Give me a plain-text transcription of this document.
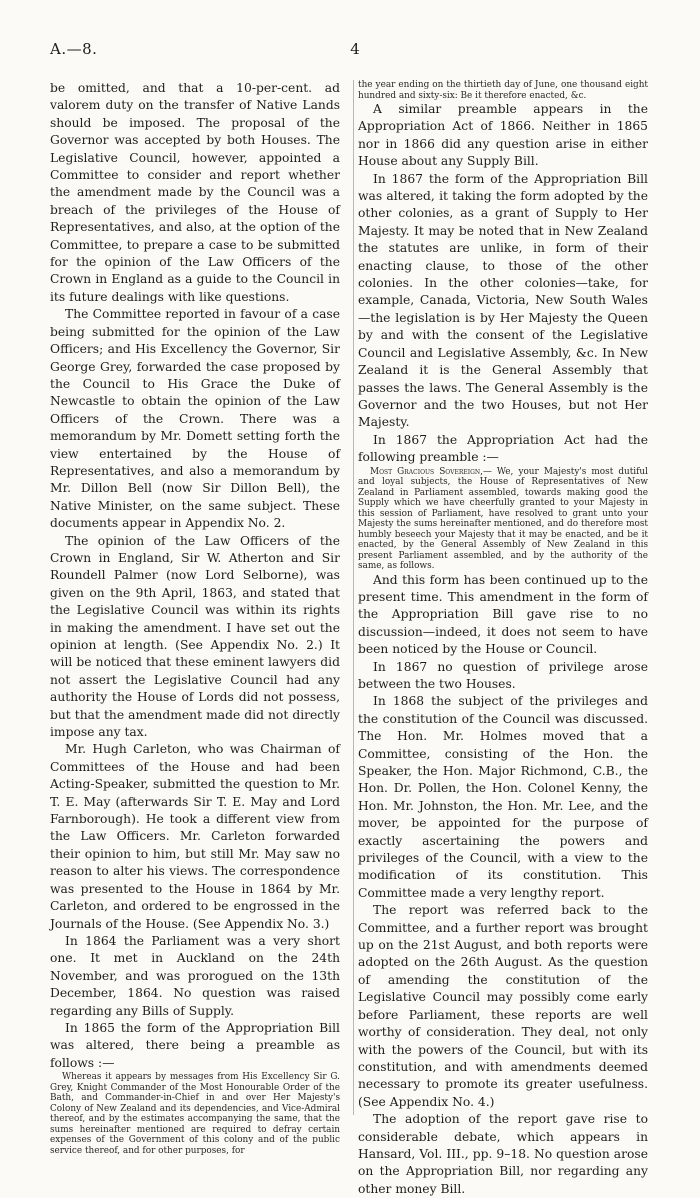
A.—8.	4

be omitted, and that a 10-per-cent. ad valorem duty on the transfer of Native Lands should be imposed. The proposal of the Governor was accepted by both Houses. The Legislative Council, however, appointed a Committee to consider and report whether the amendment made by the Council was a breach of the privileges of the House of Representatives, and also, at the option of the Committee, to prepare a case to be submitted for the opinion of the Law Officers of the Crown in England as a guide to the Council in its future dealings with like questions.

The Committee reported in favour of a case being submitted for the opinion of the Law Officers; and His Excellency the Governor, Sir George Grey, forwarded the case proposed by the Council to His Grace the Duke of Newcastle to obtain the opinion of the Law Officers of the Crown. There was a memorandum by Mr. Domett setting forth the view entertained by the House of Representatives, and also a memorandum by Mr. Dillon Bell (now Sir Dillon Bell), the Native Minister, on the same subject. These documents appear in Appendix No. 2.

The opinion of the Law Officers of the Crown in England, Sir W. Atherton and Sir Roundell Palmer (now Lord Selborne), was given on the 9th April, 1863, and stated that the Legislative Council was within its rights in making the amendment. I have set out the opinion at length. (See Appendix No. 2.) It will be noticed that these eminent lawyers did not assert the Legislative Council had any authority the House of Lords did not possess, but that the amendment made did not directly impose any tax.

Mr. Hugh Carleton, who was Chairman of Committees of the House and had been Acting-Speaker, submitted the question to Mr. T. E. May (afterwards Sir T. E. May and Lord Farnborough). He took a different view from the Law Officers. Mr. Carleton forwarded their opinion to him, but still Mr. May saw no reason to alter his views. The correspondence was presented to the House in 1864 by Mr. Carleton, and ordered to be engrossed in the Journals of the House. (See Appendix No. 3.)

In 1864 the Parliament was a very short one. It met in Auckland on the 24th November, and was prorogued on the 13th December, 1864. No question was raised regarding any Bills of Supply.

In 1865 the form of the Appropriation Bill was altered, there being a preamble as follows :—

Whereas it appears by messages from His Excellency Sir G. Grey, Knight Commander of the Most Honourable Order of the Bath, and Commander-in-Chief in and over Her Majesty's Colony of New Zealand and its dependencies, and Vice-Admiral thereof, and by the estimates accompanying the same, that the sums hereinafter mentioned are required to defray certain expenses of the Government of this colony and of the public service thereof, and for other purposes, for

the year ending on the thirtieth day of June, one thousand eight hundred and sixty-six: Be it therefore enacted, &c.

A similar preamble appears in the Appropriation Act of 1866. Neither in 1865 nor in 1866 did any question arise in either House about any Supply Bill.

In 1867 the form of the Appropriation Bill was altered, it taking the form adopted by the other colonies, as a grant of Supply to Her Majesty. It may be noted that in New Zealand the statutes are unlike, in form of their enacting clause, to those of the other colonies. In the other colonies—take, for example, Canada, Victoria, New South Wales—the legislation is by Her Majesty the Queen by and with the consent of the Legislative Council and Legislative Assembly, &c. In New Zealand it is the General Assembly that passes the laws. The General Assembly is the Governor and the two Houses, but not Her Majesty.

In 1867 the Appropriation Act had the following preamble :—

Most Gracious Sovereign,— We, your Majesty's most dutiful and loyal subjects, the House of Representatives of New Zealand in Parliament assembled, towards making good the Supply which we have cheerfully granted to your Majesty in this session of Parliament, have resolved to grant unto your Majesty the sums hereinafter mentioned, and do therefore most humbly beseech your Majesty that it may be enacted, and be it enacted, by the General Assembly of New Zealand in this present Parliament assembled, and by the authority of the same, as follows.

And this form has been continued up to the present time. This amendment in the form of the Appropriation Bill gave rise to no discussion—indeed, it does not seem to have been noticed by the House or Council.

In 1867 no question of privilege arose between the two Houses.

In 1868 the subject of the privileges and the constitution of the Council was discussed. The Hon. Mr. Holmes moved that a Committee, consisting of the Hon. the Speaker, the Hon. Major Richmond, C.B., the Hon. Dr. Pollen, the Hon. Colonel Kenny, the Hon. Mr. Johnston, the Hon. Mr. Lee, and the mover, be appointed for the purpose of exactly ascertaining the powers and privileges of the Council, with a view to the modification of its constitution. This Committee made a very lengthy report.

The report was referred back to the Committee, and a further report was brought up on the 21st August, and both reports were adopted on the 26th August. As the question of amending the constitution of the Legislative Council may possibly come early before Parliament, these reports are well worthy of consideration. They deal, not only with the powers of the Council, but with its constitution, and with amendments deemed necessary to promote its greater usefulness. (See Appendix No. 4.)

The adoption of the report gave rise to considerable debate, which appears in Hansard, Vol. III., pp. 9–18. No question arose on the Appropriation Bill, nor regarding any other money Bill.
